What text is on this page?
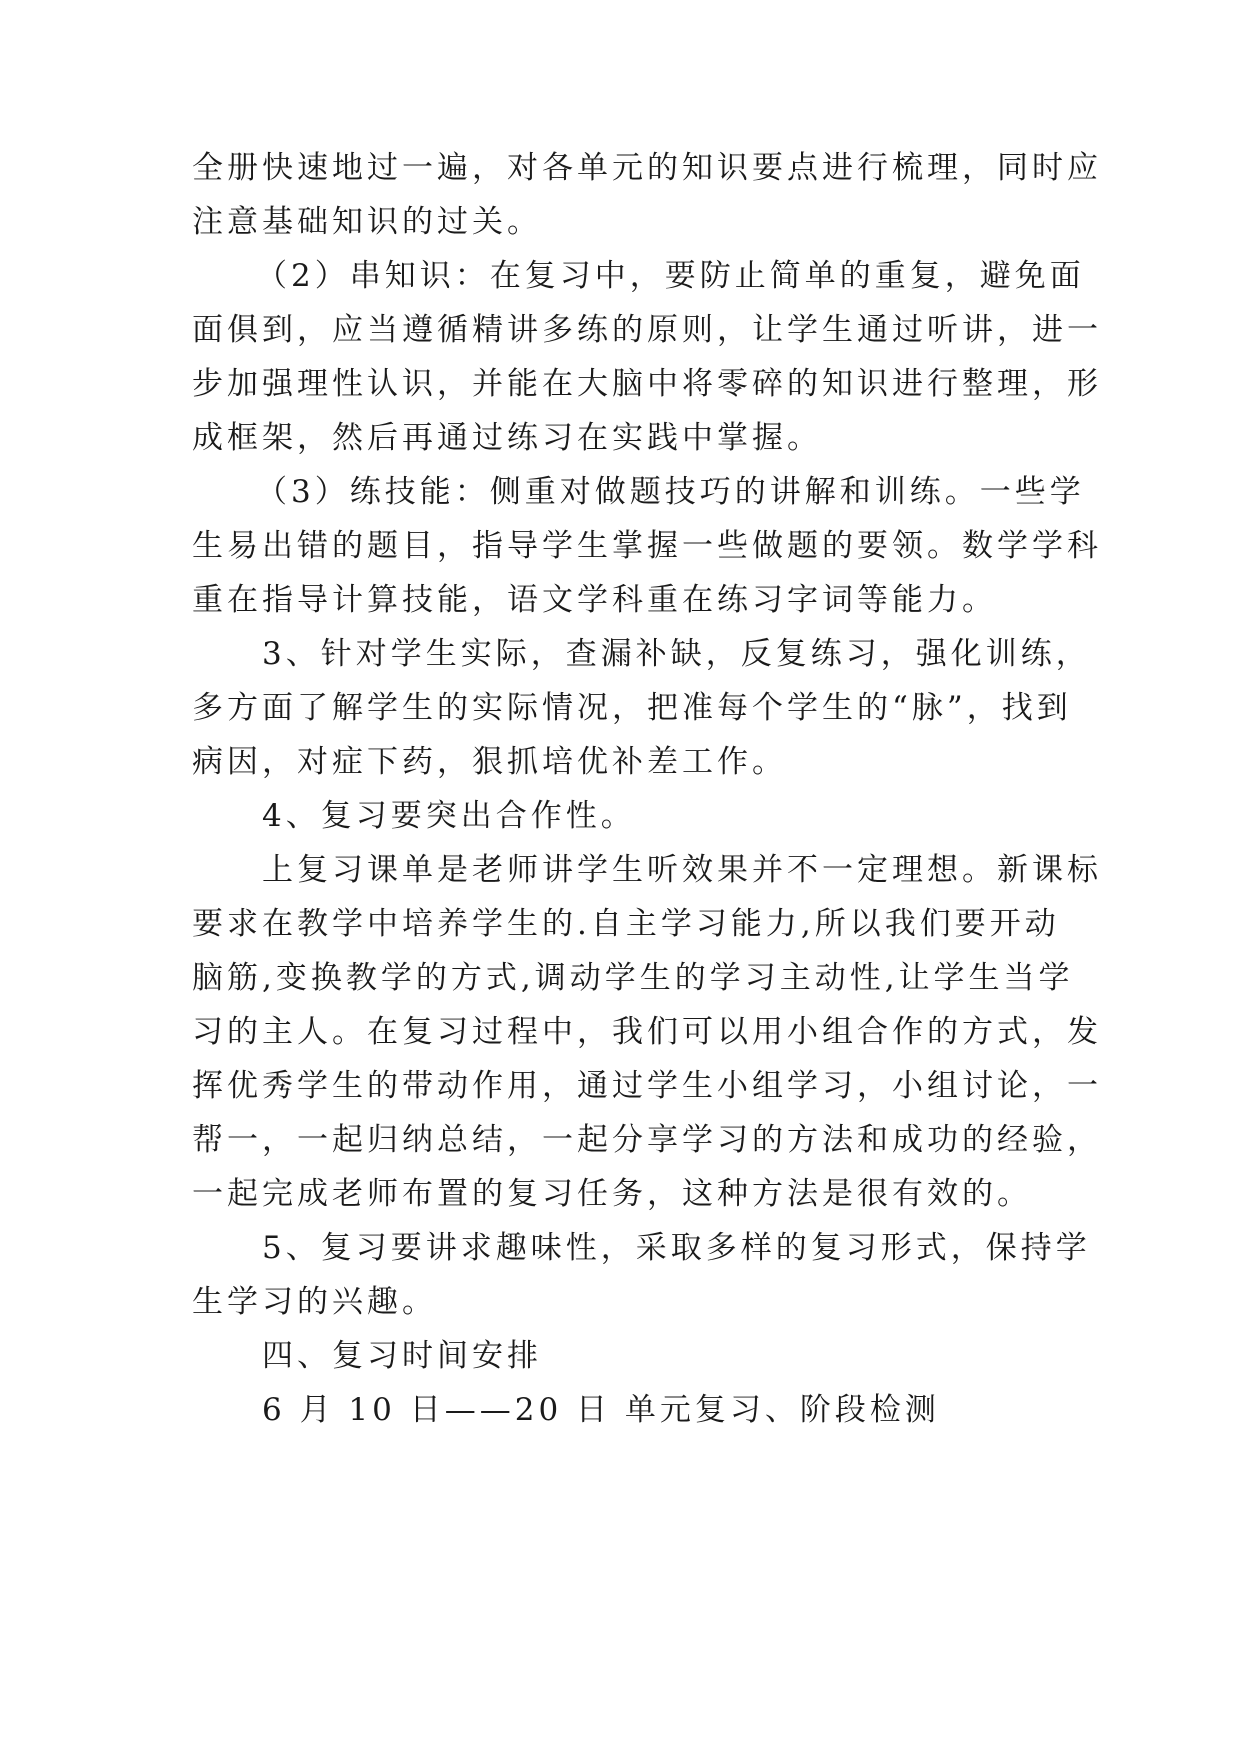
全册快速地过一遍，对各单元的知识要点进行梳理，同时应
注意基础知识的过关。
（2）串知识：在复习中，要防止简单的重复，避免面
面俱到，应当遵循精讲多练的原则，让学生通过听讲，进一
步加强理性认识，并能在大脑中将零碎的知识进行整理，形
成框架，然后再通过练习在实践中掌握。
（3）练技能：侧重对做题技巧的讲解和训练。一些学
生易出错的题目，指导学生掌握一些做题的要领。数学学科
重在指导计算技能，语文学科重在练习字词等能力。
3、针对学生实际，查漏补缺，反复练习，强化训练，
多方面了解学生的实际情况，把准每个学生的“脉”，找到
病因，对症下药，狠抓培优补差工作。
4、复习要突出合作性。
上复习课单是老师讲学生听效果并不一定理想。新课标
要求在教学中培养学生的.自主学习能力,所以我们要开动
脑筋,变换教学的方式,调动学生的学习主动性,让学生当学
习的主人。在复习过程中，我们可以用小组合作的方式，发
挥优秀学生的带动作用，通过学生小组学习，小组讨论，一
帮一，一起归纳总结，一起分享学习的方法和成功的经验，
一起完成老师布置的复习任务，这种方法是很有效的。
5、复习要讲求趣味性，采取多样的复习形式，保持学
生学习的兴趣。
四、复习时间安排
6 月 10 日——20 日 单元复习、阶段检测
